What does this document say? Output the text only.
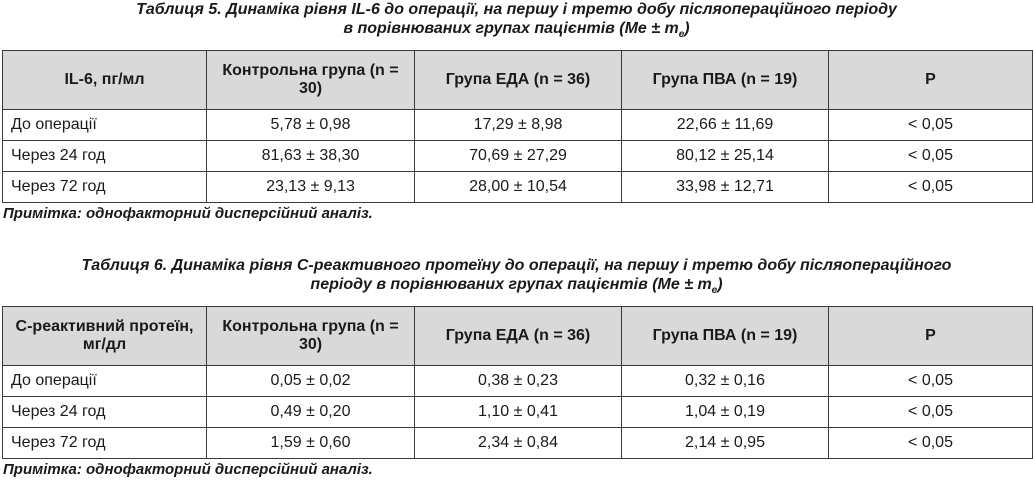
Таблиця 5. Динаміка рівня IL-6 до операції, на першу і третю добу післяопераційного періоду

в порівнюваних групах пацієнтів $(Me \pm m_e)$

IL-6, пг/мл	Контрольна група (n = 30)	Група ЕДА (n = 36)	Група ПВА (n = 19)	P
До операції	5,78 ± 0,98	17,29 ± 8,98	22,66 ± 11,69	< 0,05
Через 24 год	81,63 ± 38,30	70,69 ± 27,29	80,12 ± 25,14	< 0,05
Через 72 год	23,13 ± 9,13	28,00 ± 10,54	33,98 ± 12,71	< 0,05

Примітка: однофакторний дисперсійний аналіз.

Таблиця 6. Динаміка рівня С-реактивного протеїну до операції, на першу і третю добу післяопераційного

періоду в порівнюваних групах пацієнтів $(Me \pm m_e)$

С-реактивний протеїн, мг/дл	Контрольна група (n = 30)	Група ЕДА (n = 36)	Група ПВА (n = 19)	P
До операції	0,05 ± 0,02	0,38 ± 0,23	0,32 ± 0,16	< 0,05
Через 24 год	0,49 ± 0,20	1,10 ± 0,41	1,04 ± 0,19	< 0,05
Через 72 год	1,59 ± 0,60	2,34 ± 0,84	2,14 ± 0,95	< 0,05

Примітка: однофакторний дисперсійний аналіз.
